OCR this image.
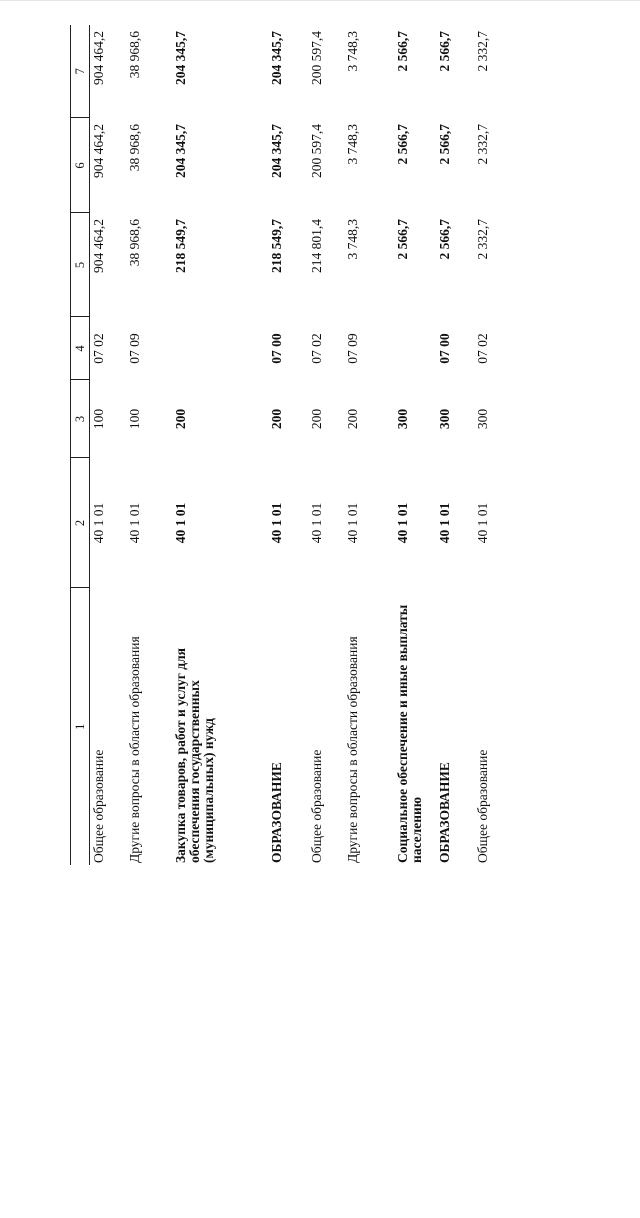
1	2	3	4	5	6	7
Общее образование	40 1 01	100	07 02	904 464,2	904 464,2	904 464,2
Другие вопросы в области образования	40 1 01	100	07 09	38 968,6	38 968,6	38 968,6
Закупка товаров, работ и услуг для обеспечения государственных (муниципальных) нужд	40 1 01	200		218 549,7	204 345,7	204 345,7
ОБРАЗОВАНИЕ	40 1 01	200	07 00	218 549,7	204 345,7	204 345,7
Общее образование	40 1 01	200	07 02	214 801,4	200 597,4	200 597,4
Другие вопросы в области образования	40 1 01	200	07 09	3 748,3	3 748,3	3 748,3
Социальное обеспечение и иные выплаты населению	40 1 01	300		2 566,7	2 566,7	2 566,7
ОБРАЗОВАНИЕ	40 1 01	300	07 00	2 566,7	2 566,7	2 566,7
Общее образование	40 1 01	300	07 02	2 332,7	2 332,7	2 332,7
